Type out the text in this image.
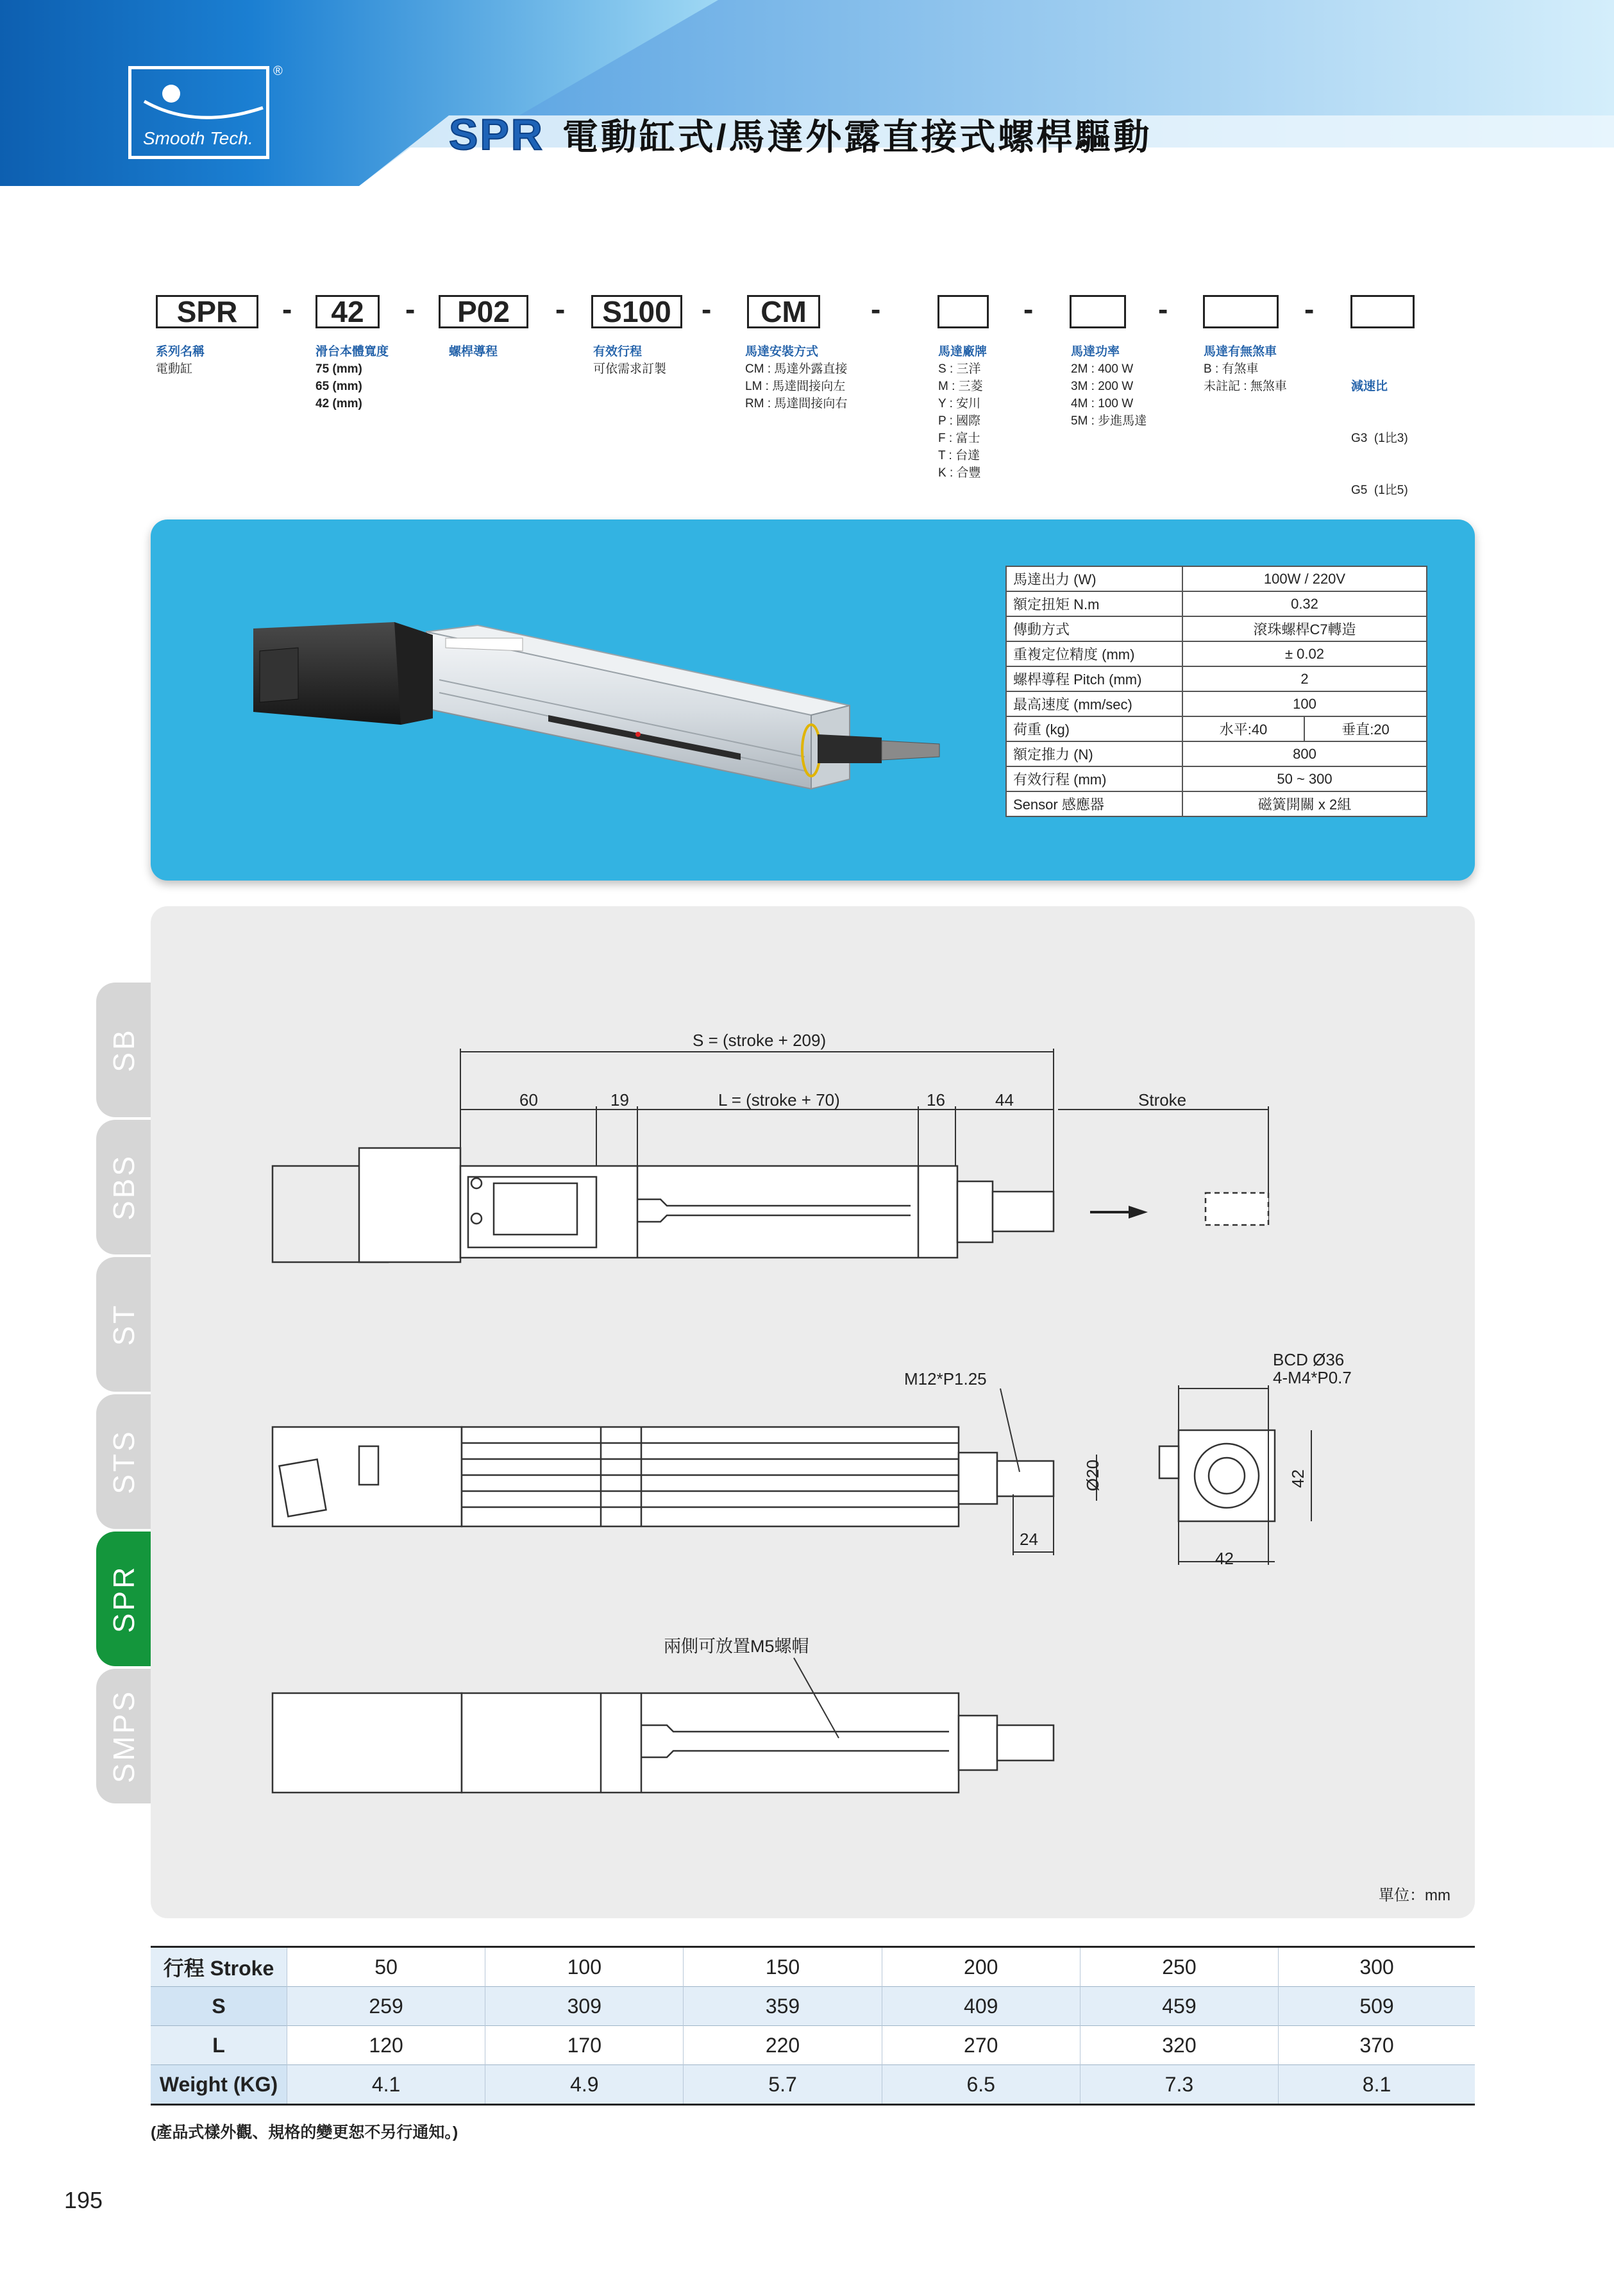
Smooth Tech.
®
SPR 電動缸式/馬達外露直接式螺桿驅動
SPR	-	42	-	P02	-	S100	-	CM	-	-	-	-
系列名稱
電動缸
滑台本體寬度
75 (mm)
65 (mm)
42 (mm)
螺桿導程	有效行程
可依需求訂製
馬達安裝方式
CM : 馬達外露直接
LM : 馬達間接向左
RM : 馬達間接向右
馬達廠牌
S : 三洋
M : 三菱
Y : 安川
P : 國際
F : 富士
T : 台達
K : 合豐
馬達功率
2M : 400 W
3M : 200 W
4M : 100 W
5M : 步進馬達
馬達有無煞車
B : 有煞車
未註記 : 無煞車

	減速比

G3  (1比3)

G5  (1比5)

馬達出力 (W)	100W / 220V	
額定扭矩 N.m	0.32	
傳動方式	滾珠螺桿C7轉造	
重複定位精度 (mm)	± 0.02	
螺桿導程 Pitch (mm)	2	
最高速度 (mm/sec)	100	
荷重 (kg)	水平:40	垂直:20
額定推力 (N)	800	
有效行程 (mm)	50 ~ 300	
Sensor 感應器	磁簧開關 x 2組	
SB
SBS
ST
STS
SPR
SMPS
S = (stroke + 209)
60	19	L = (stroke + 70)	16	44	Stroke
M12*P1.25
BCD Ø36
4-M4*P0.7
Ø20
24
42
42
兩側可放置M5螺帽
單位：mm
行程 Stroke	50	100	150	200	250	300
S	259	309	359	409	459	509
L	120	170	220	270	320	370
Weight (KG)	4.1	4.9	5.7	6.5	7.3	8.1
(產品式樣外觀、規格的變更恕不另行通知。)
195
